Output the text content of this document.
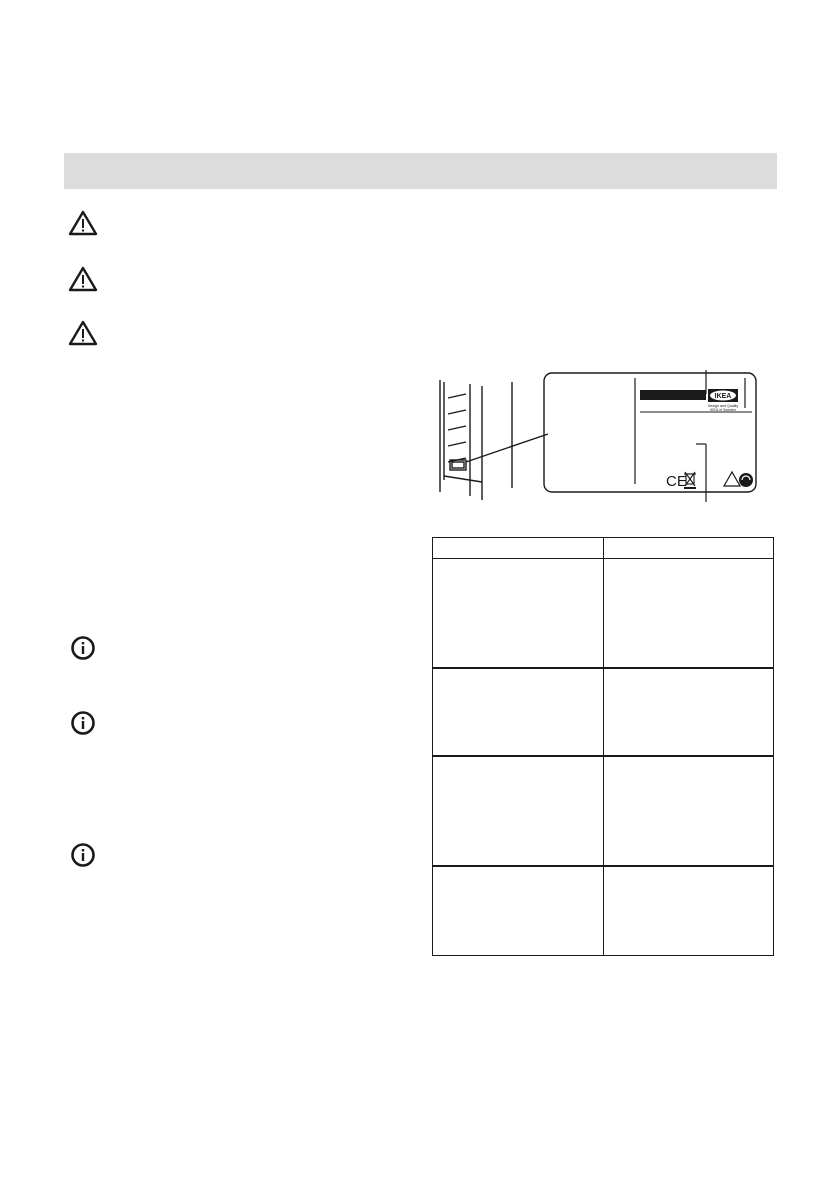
IKEA
Design and Quality
IKEA of Sweden
CE
